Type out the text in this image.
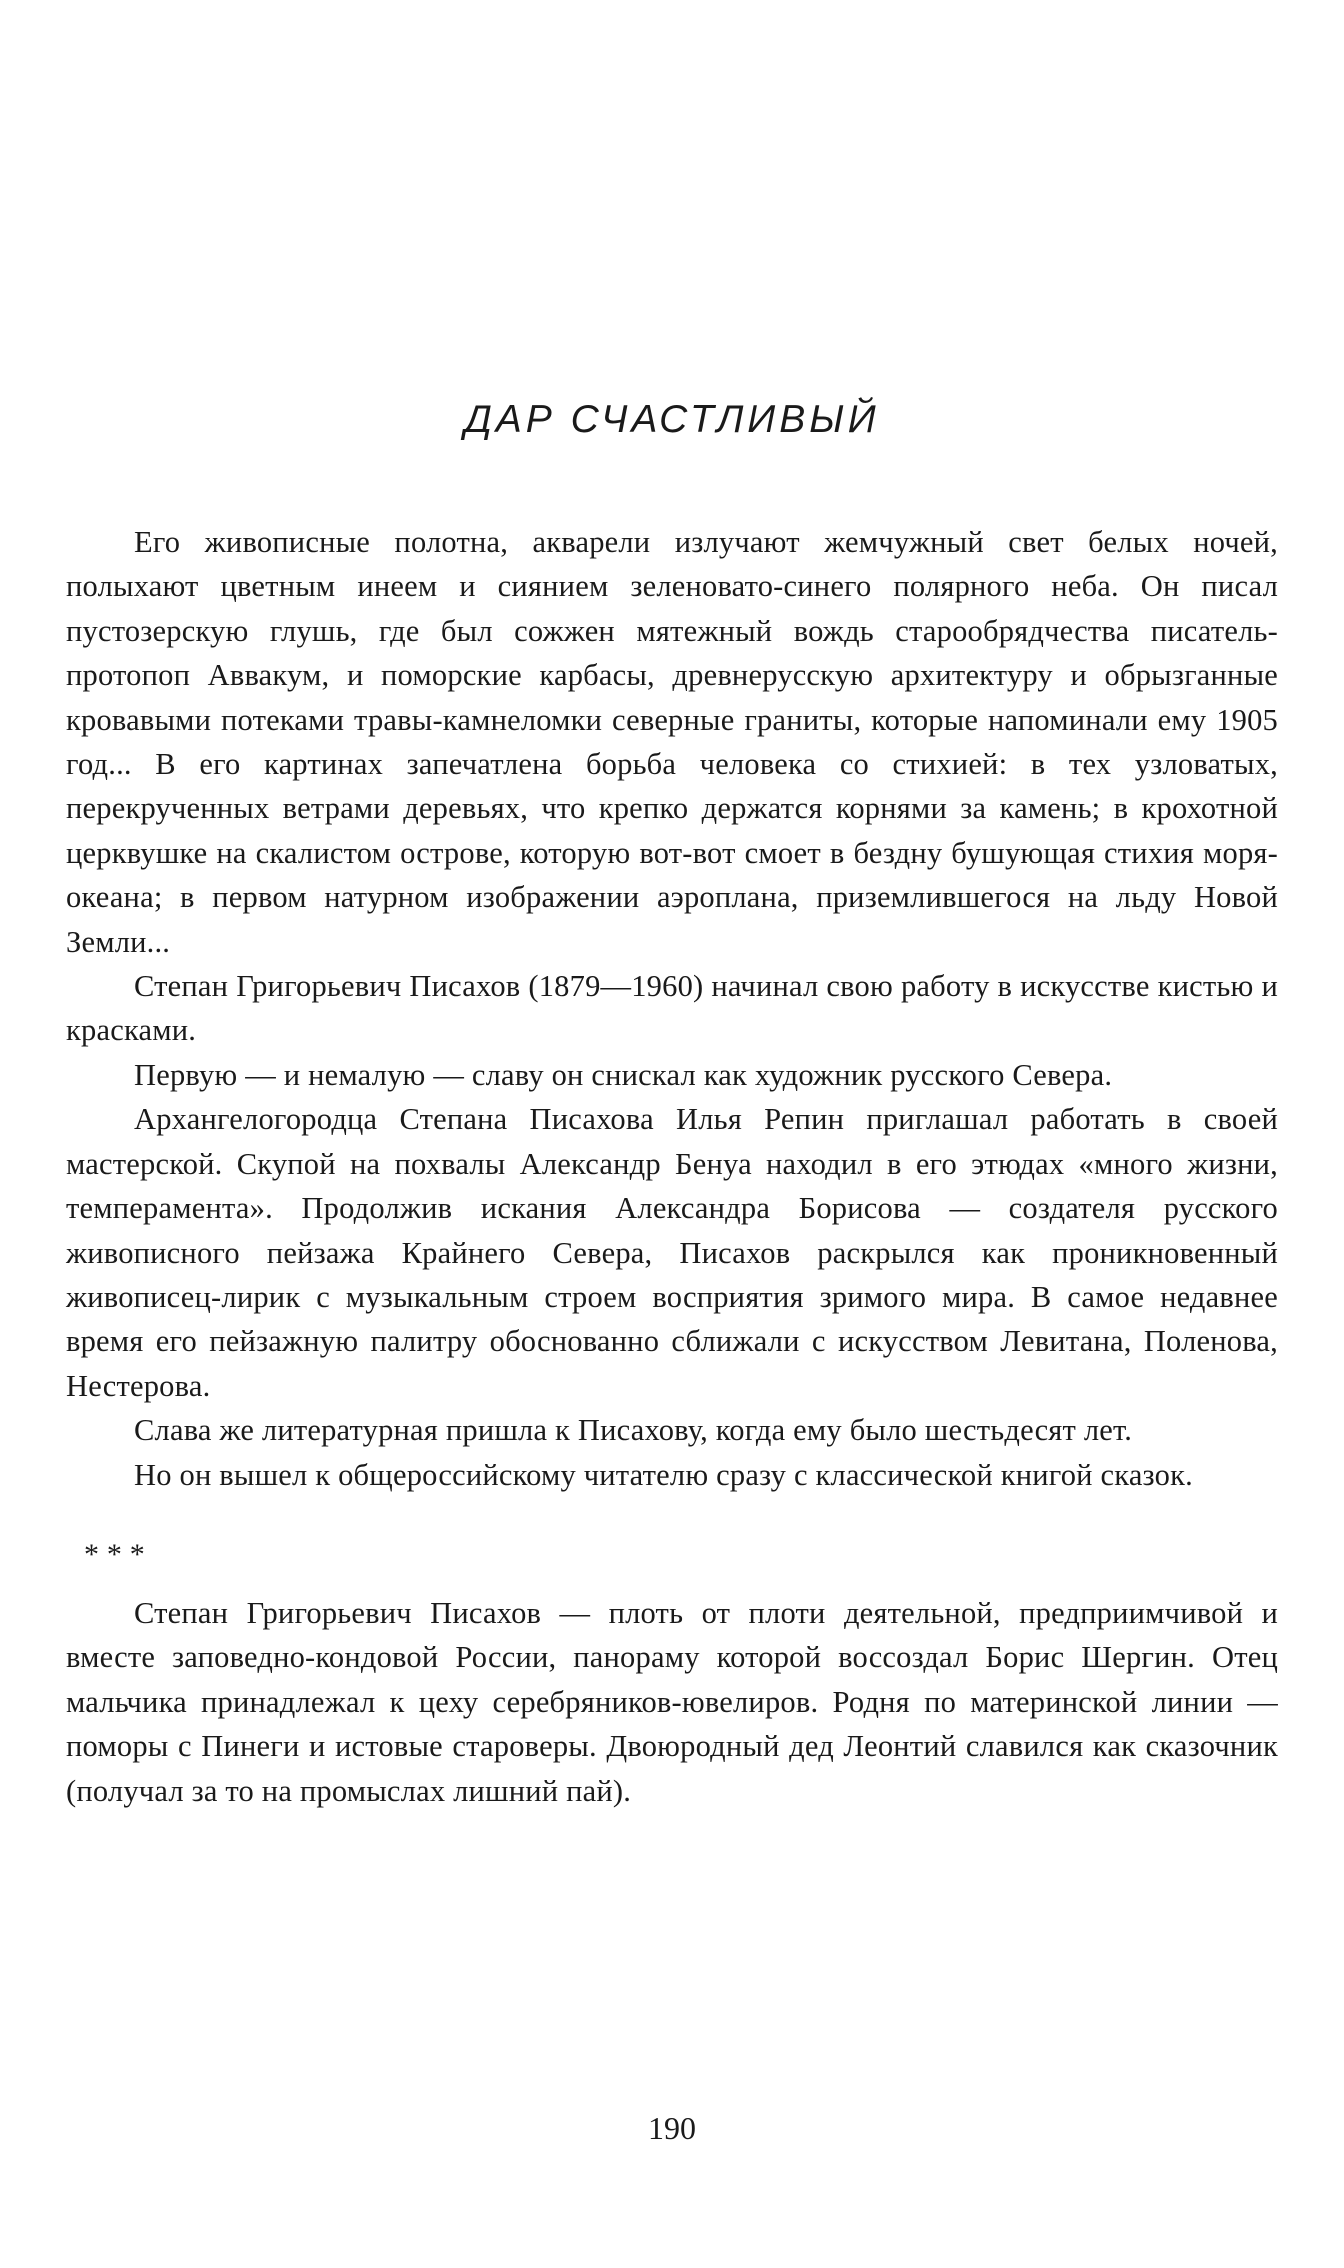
ДАР СЧАСТЛИВЫЙ

Его живописные полотна, акварели излучают жемчужный свет белых ночей, полыхают цветным инеем и сиянием зеленовато-синего полярного неба. Он писал пустозерскую глушь, где был сожжен мятежный вождь старообрядчества писатель-протопоп Аввакум, и поморские карбасы, древнерусскую архитектуру и обрызганные кровавыми потеками травы-камнеломки северные граниты, которые напоминали ему 1905 год... В его картинах запечатлена борьба человека со стихией: в тех узловатых, перекрученных ветрами деревьях, что крепко держатся корнями за камень; в крохотной церквушке на скалистом острове, которую вот-вот смоет в бездну бушующая стихия моря-океана; в первом натурном изображении аэроплана, приземлившегося на льду Новой Земли...

Степан Григорьевич Писахов (1879—1960) начинал свою работу в искусстве кистью и красками.

Первую — и немалую — славу он снискал как художник русского Севера.

Архангелогородца Степана Писахова Илья Репин приглашал работать в своей мастерской. Скупой на похвалы Александр Бенуа находил в его этюдах «много жизни, темперамента». Продолжив искания Александра Борисова — создателя русского живописного пейзажа Крайнего Севера, Писахов раскрылся как проникновенный живописец-лирик с музыкальным строем восприятия зримого мира. В самое недавнее время его пейзажную палитру обоснованно сближали с искусством Левитана, Поленова, Нестерова.

Слава же литературная пришла к Писахову, когда ему было шестьдесят лет.

Но он вышел к общероссийскому читателю сразу с классической книгой сказок.

* * *

Степан Григорьевич Писахов — плоть от плоти деятельной, предприимчивой и вместе заповедно-кондовой России, панораму которой воссоздал Борис Шергин. Отец мальчика принадлежал к цеху серебряников-ювелиров. Родня по материнской линии — поморы с Пинеги и истовые староверы. Двоюродный дед Леонтий славился как сказочник (получал за то на промыслах лишний пай).

190
